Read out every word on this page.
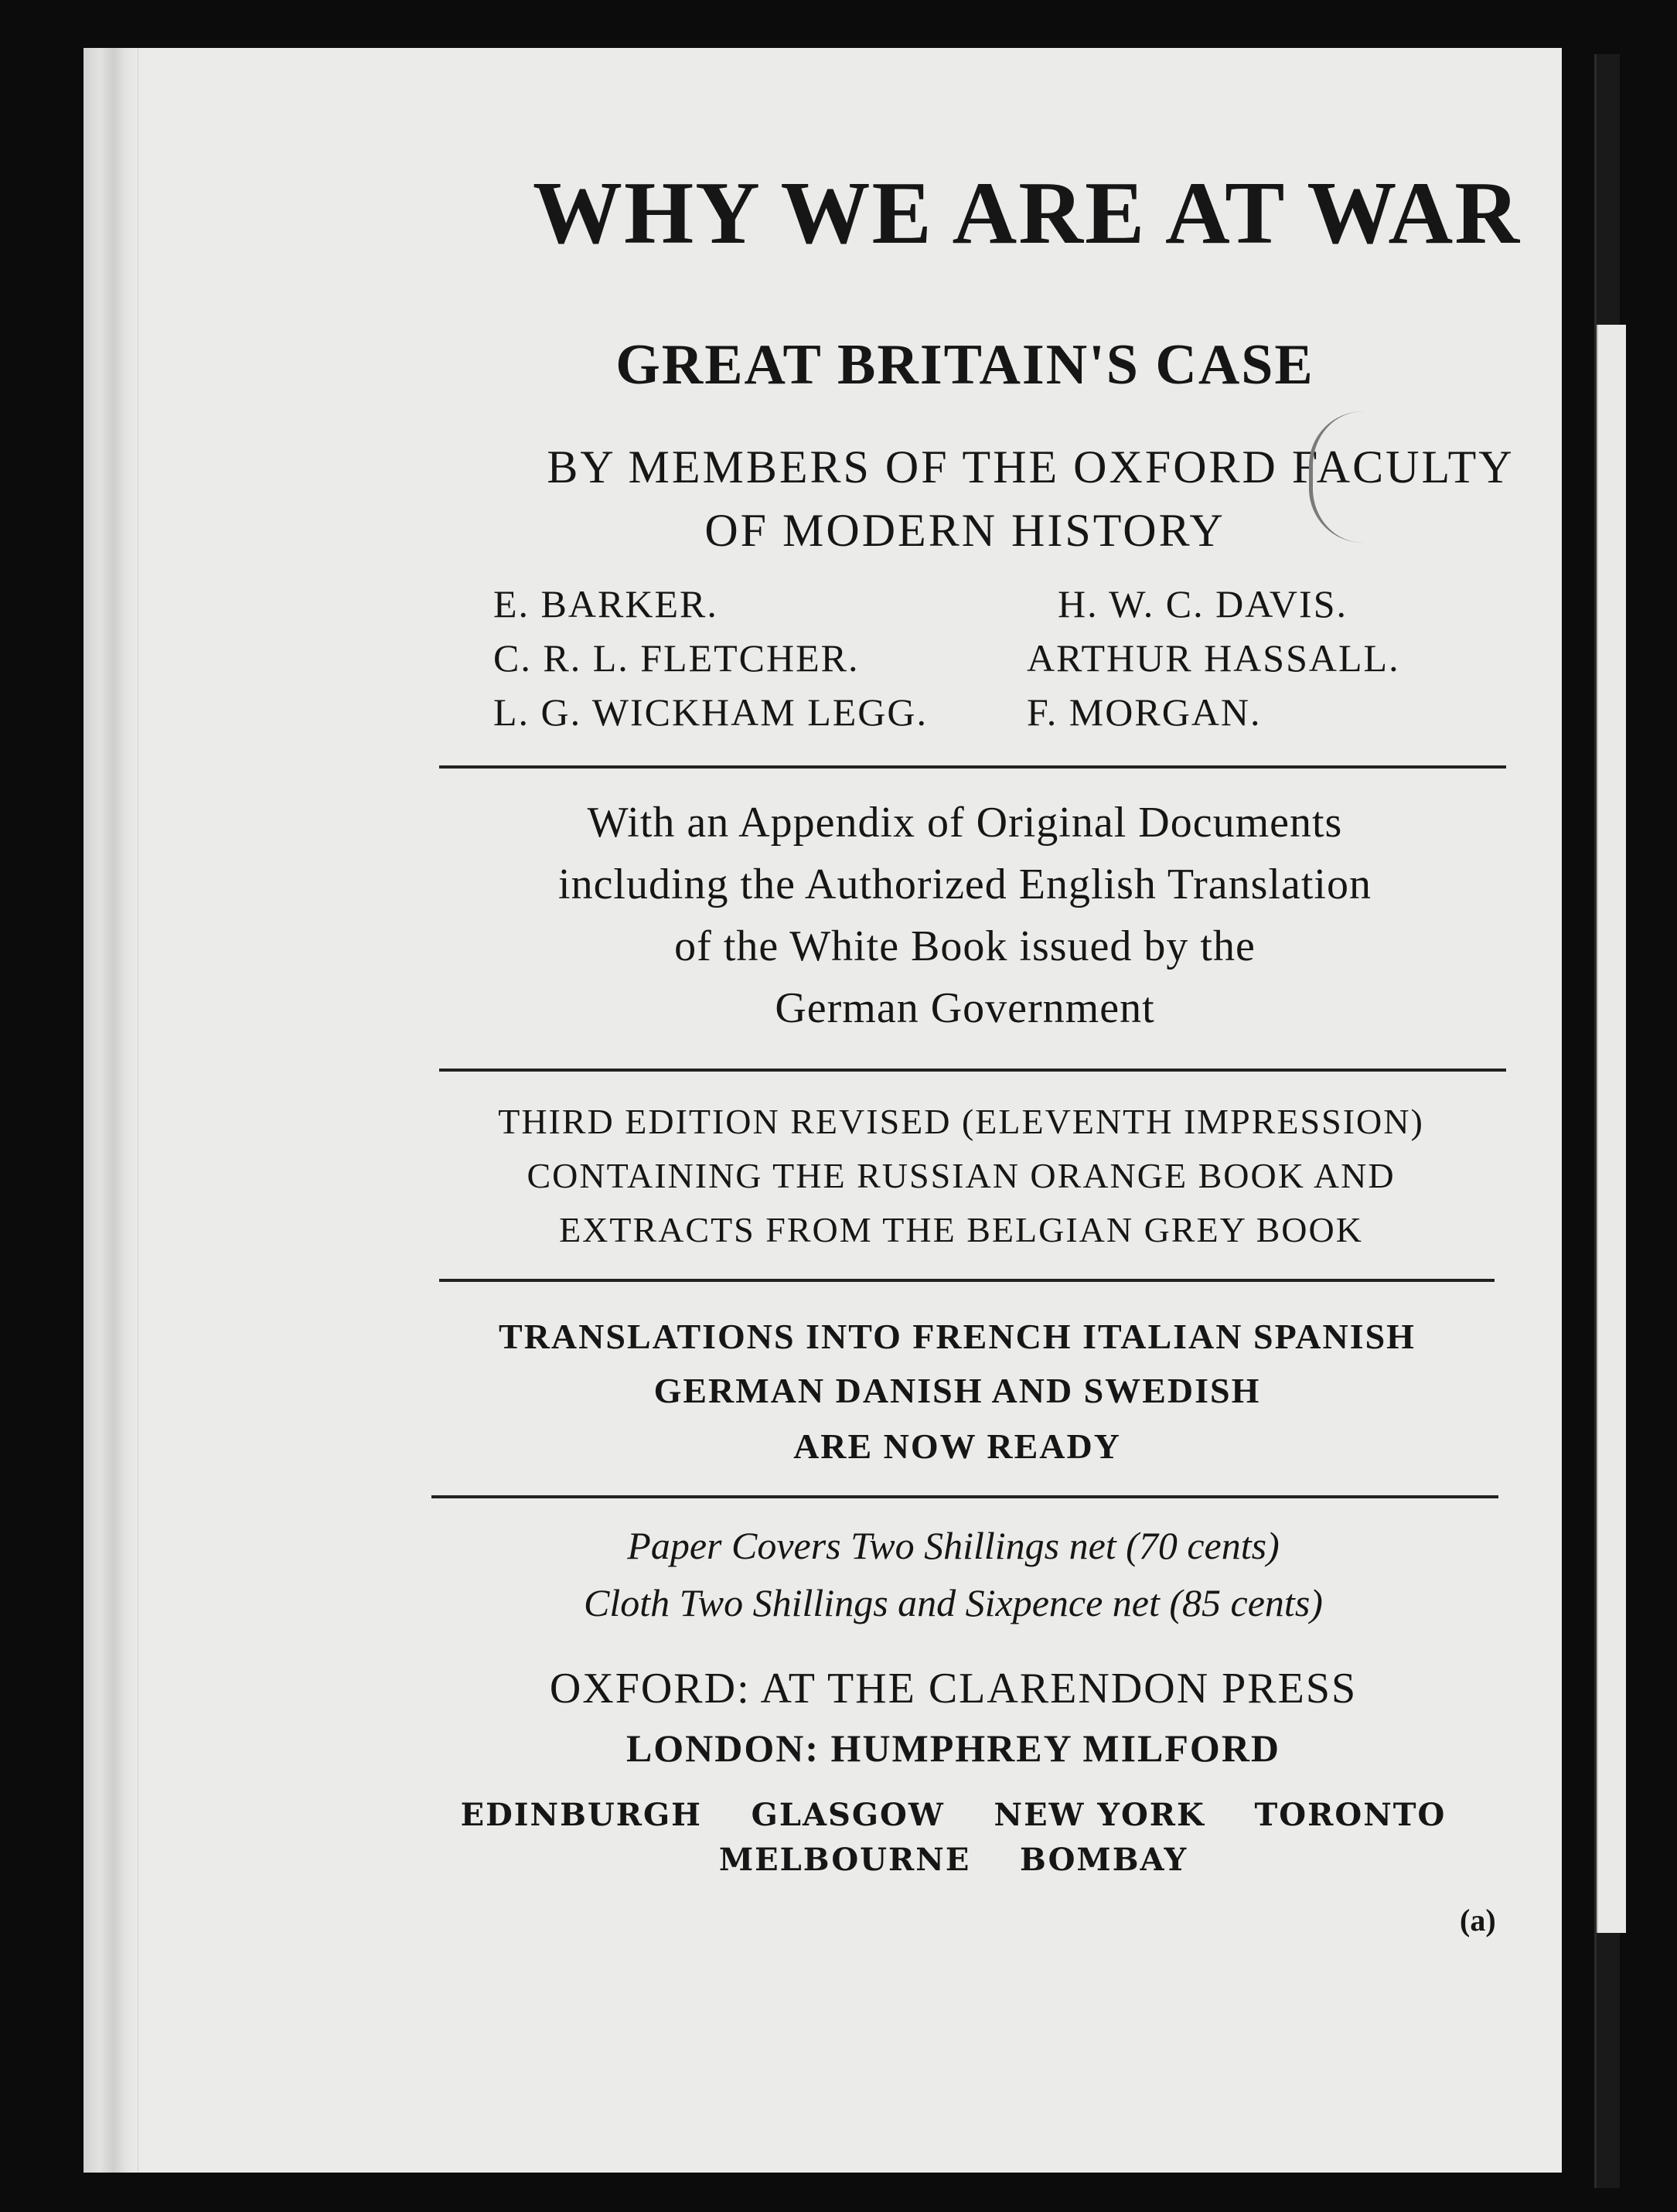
WHY WE ARE AT WAR
GREAT BRITAIN'S CASE
BY MEMBERS OF THE OXFORD FACULTY
OF MODERN HISTORY
E. BARKER.	H. W. C. DAVIS.
C. R. L. FLETCHER.	ARTHUR HASSALL.
L. G. WICKHAM LEGG.	F. MORGAN.
With an Appendix of Original Documents
including the Authorized English Translation
of the White Book issued by the
German Government
THIRD EDITION REVISED (ELEVENTH IMPRESSION)
CONTAINING THE RUSSIAN ORANGE BOOK AND
EXTRACTS FROM THE BELGIAN GREY BOOK
TRANSLATIONS INTO FRENCH ITALIAN SPANISH
GERMAN DANISH AND SWEDISH
ARE NOW READY
Paper Covers Two Shillings net (70 cents)
Cloth Two Shillings and Sixpence net (85 cents)
OXFORD: AT THE CLARENDON PRESS
LONDON: HUMPHREY MILFORD
EDINBURGH    GLASGOW    NEW YORK    TORONTO
MELBOURNE    BOMBAY
(a)
